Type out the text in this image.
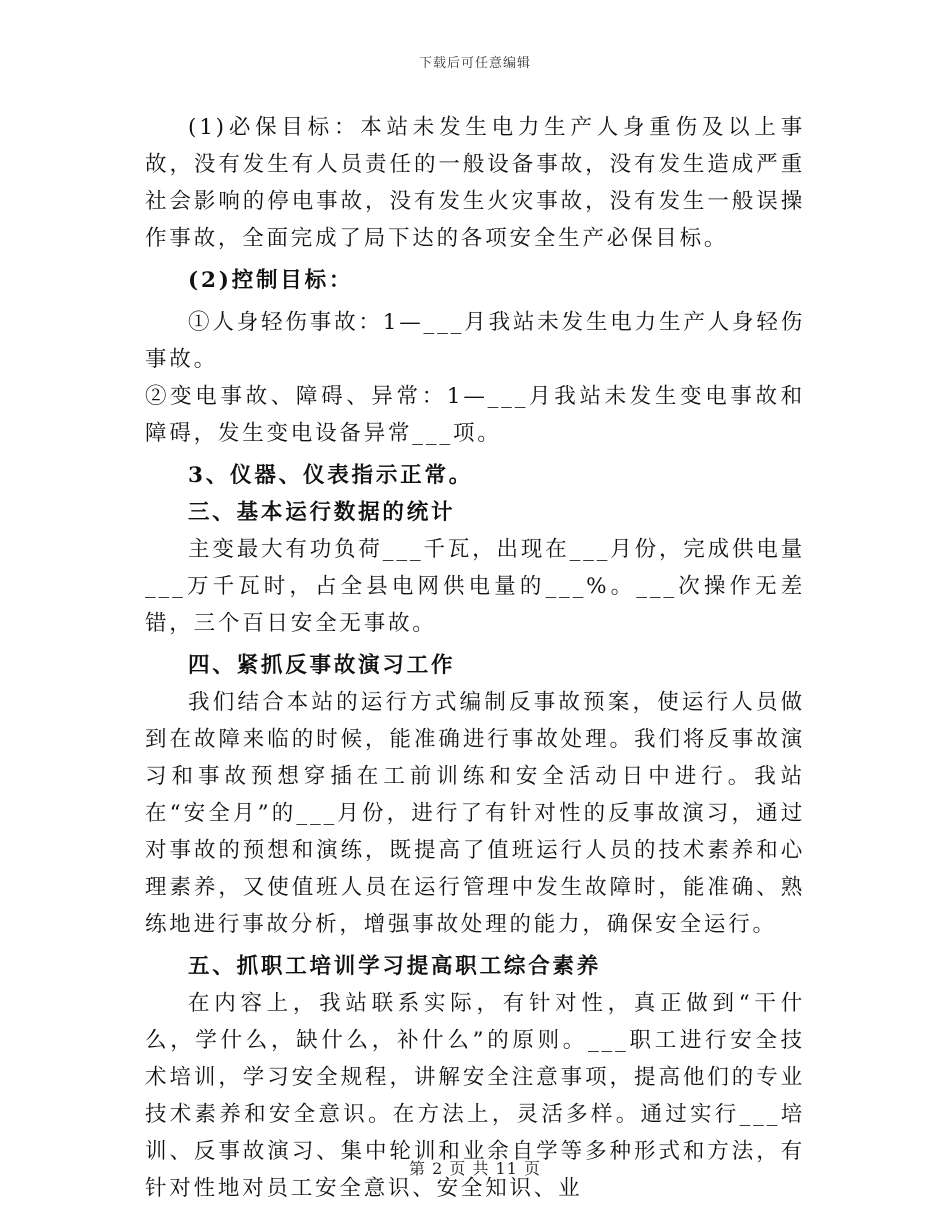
下载后可任意编辑

(1)必保目标：本站未发生电力生产人身重伤及以上事故，没有发生有人员责任的一般设备事故，没有发生造成严重社会影响的停电事故，没有发生火灾事故，没有发生一般误操作事故，全面完成了局下达的各项安全生产必保目标。

(2)控制目标：

①人身轻伤事故：1—___月我站未发生电力生产人身轻伤事故。

②变电事故、障碍、异常：1—___月我站未发生变电事故和障碍，发生变电设备异常___项。

3、仪器、仪表指示正常。

三、基本运行数据的统计

主变最大有功负荷___千瓦，出现在___月份，完成供电量___万千瓦时，占全县电网供电量的___%。___次操作无差错，三个百日安全无事故。

四、紧抓反事故演习工作

我们结合本站的运行方式编制反事故预案，使运行人员做到在故障来临的时候，能准确进行事故处理。我们将反事故演习和事故预想穿插在工前训练和安全活动日中进行。我站在“安全月”的___月份，进行了有针对性的反事故演习，通过对事故的预想和演练，既提高了值班运行人员的技术素养和心理素养，又使值班人员在运行管理中发生故障时，能准确、熟练地进行事故分析，增强事故处理的能力，确保安全运行。

五、抓职工培训学习提高职工综合素养

在内容上，我站联系实际，有针对性，真正做到“干什么，学什么，缺什么，补什么”的原则。___职工进行安全技术培训，学习安全规程，讲解安全注意事项，提高他们的专业技术素养和安全意识。在方法上，灵活多样。通过实行___培训、反事故演习、集中轮训和业余自学等多种形式和方法，有针对性地对员工安全意识、安全知识、业

第 2 页 共 11 页
